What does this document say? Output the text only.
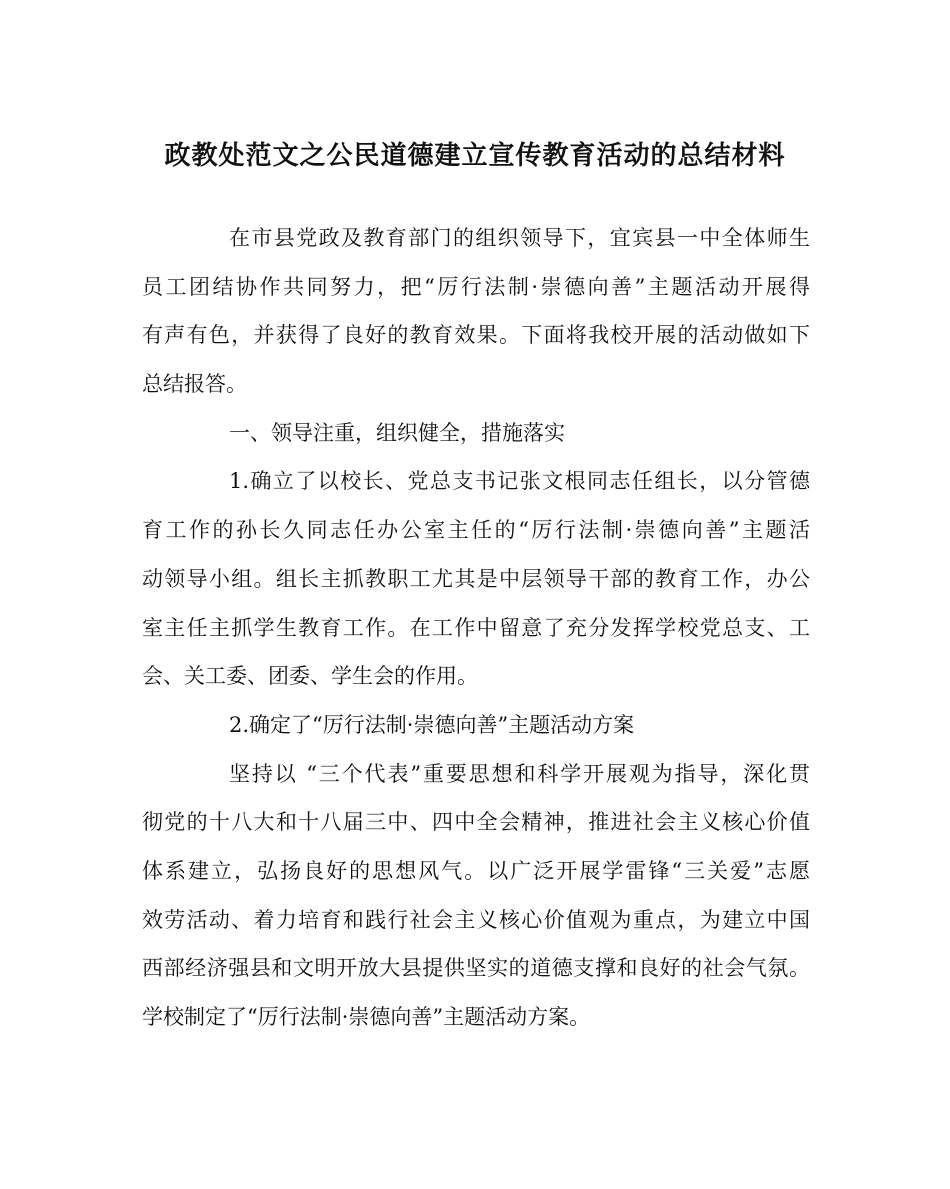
政教处范文之公民道德建立宣传教育活动的总结材料
在市县党政及教育部门的组织领导下，宜宾县一中全体师生
员工团结协作共同努力，把“厉行法制·崇德向善”主题活动开展得
有声有色，并获得了良好的教育效果。下面将我校开展的活动做如下
总结报答。
一、领导注重，组织健全，措施落实
1.确立了以校长、党总支书记张文根同志任组长，以分管德
育工作的孙长久同志任办公室主任的“厉行法制·崇德向善”主题活
动领导小组。组长主抓教职工尤其是中层领导干部的教育工作，办公
室主任主抓学生教育工作。在工作中留意了充分发挥学校党总支、工
会、关工委、团委、学生会的作用。
2.确定了“厉行法制·崇德向善”主题活动方案
坚持以 “三个代表”重要思想和科学开展观为指导，深化贯
彻党的十八大和十八届三中、四中全会精神，推进社会主义核心价值
体系建立，弘扬良好的思想风气。以广泛开展学雷锋“三关爱”志愿
效劳活动、着力培育和践行社会主义核心价值观为重点，为建立中国
西部经济强县和文明开放大县提供坚实的道德支撑和良好的社会气氛。
学校制定了“厉行法制·崇德向善”主题活动方案。
